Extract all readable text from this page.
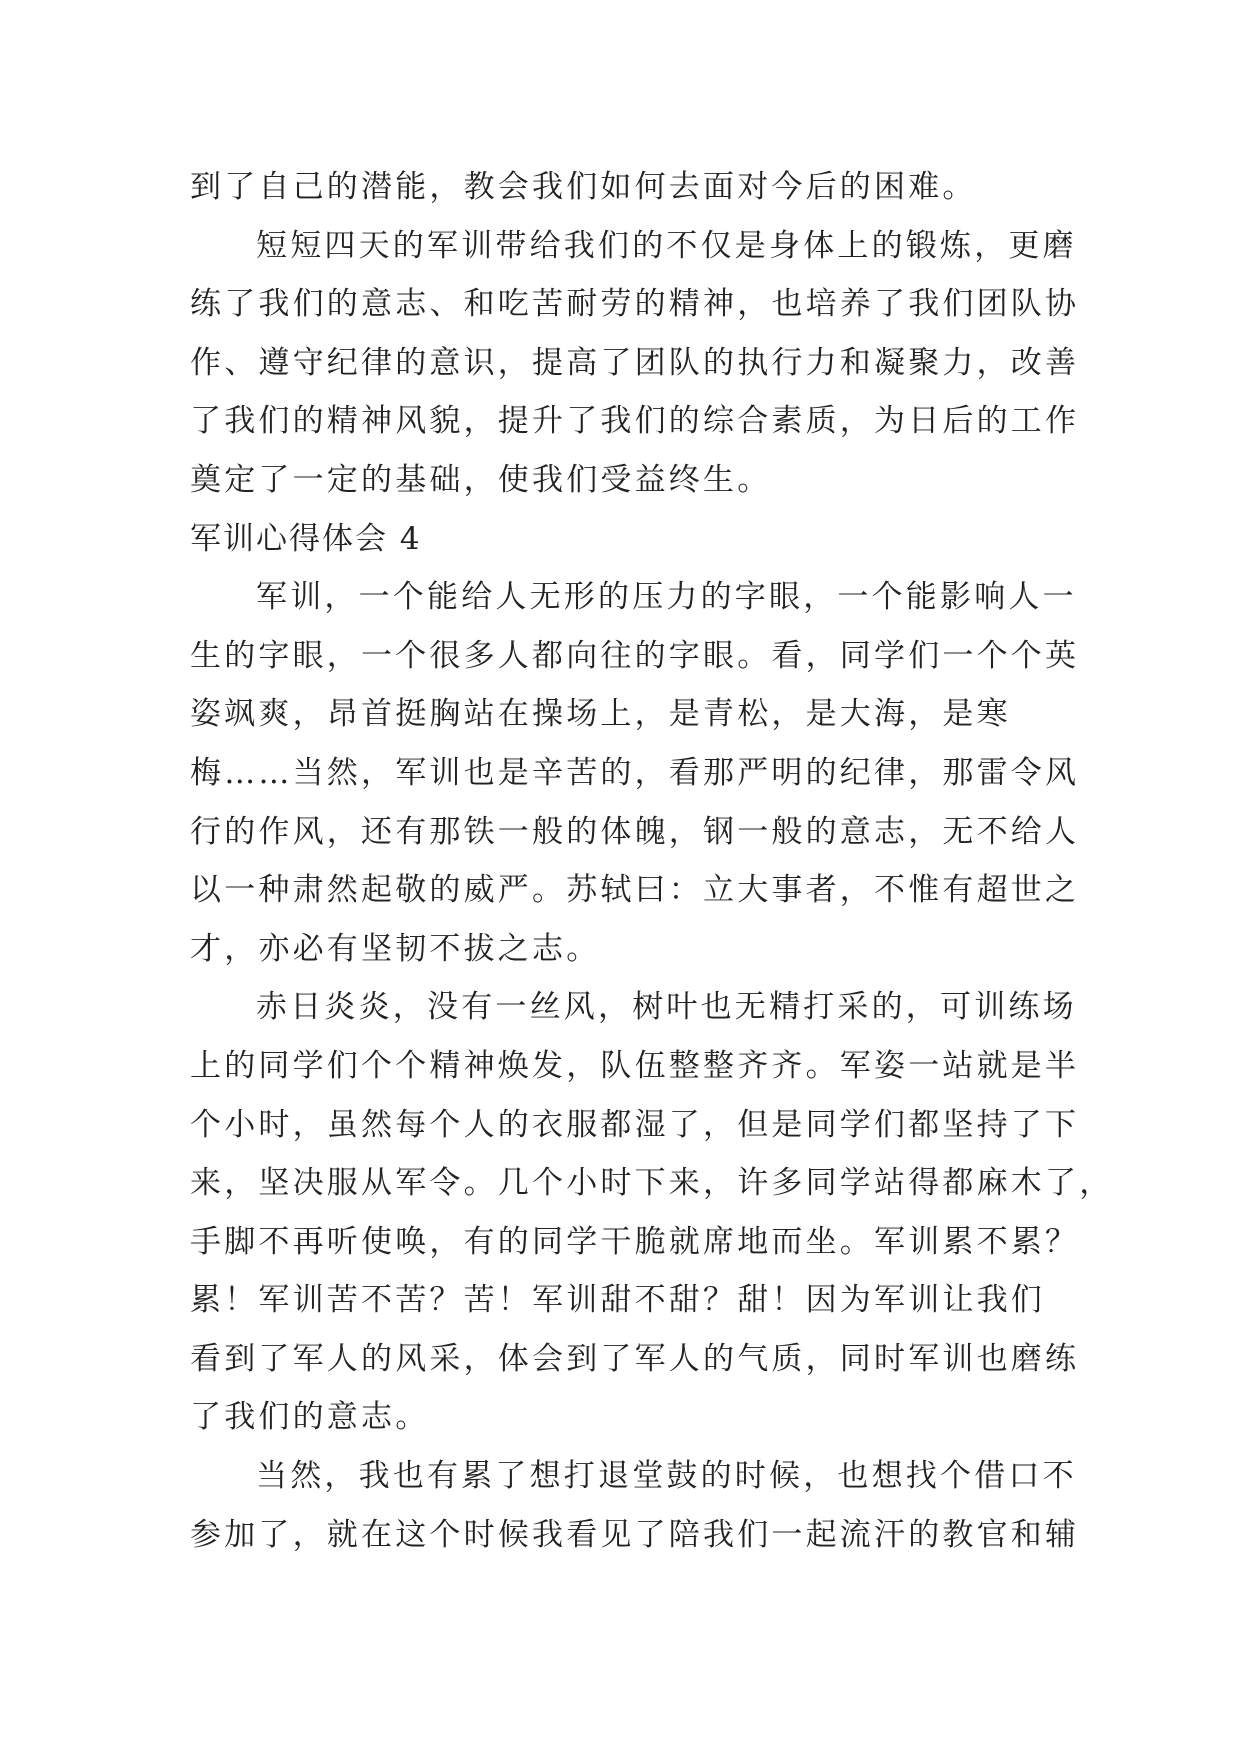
到了自己的潜能，教会我们如何去面对今后的困难。

短短四天的军训带给我们的不仅是身体上的锻炼，更磨

练了我们的意志、和吃苦耐劳的精神，也培养了我们团队协

作、遵守纪律的意识，提高了团队的执行力和凝聚力，改善

了我们的精神风貌，提升了我们的综合素质，为日后的工作

奠定了一定的基础，使我们受益终生。

军训心得体会 4

军训，一个能给人无形的压力的字眼，一个能影响人一

生的字眼，一个很多人都向往的字眼。看，同学们一个个英

姿飒爽，昂首挺胸站在操场上，是青松，是大海，是寒

梅……当然，军训也是辛苦的，看那严明的纪律，那雷令风

行的作风，还有那铁一般的体魄，钢一般的意志，无不给人

以一种肃然起敬的威严。苏轼曰：立大事者，不惟有超世之

才，亦必有坚韧不拔之志。

赤日炎炎，没有一丝风，树叶也无精打采的，可训练场

上的同学们个个精神焕发，队伍整整齐齐。军姿一站就是半

个小时，虽然每个人的衣服都湿了，但是同学们都坚持了下

来，坚决服从军令。几个小时下来，许多同学站得都麻木了，

手脚不再听使唤，有的同学干脆就席地而坐。军训累不累？

累！军训苦不苦？苦！军训甜不甜？甜！因为军训让我们

看到了军人的风采，体会到了军人的气质，同时军训也磨练

了我们的意志。

当然，我也有累了想打退堂鼓的时候，也想找个借口不

参加了，就在这个时候我看见了陪我们一起流汗的教官和辅
